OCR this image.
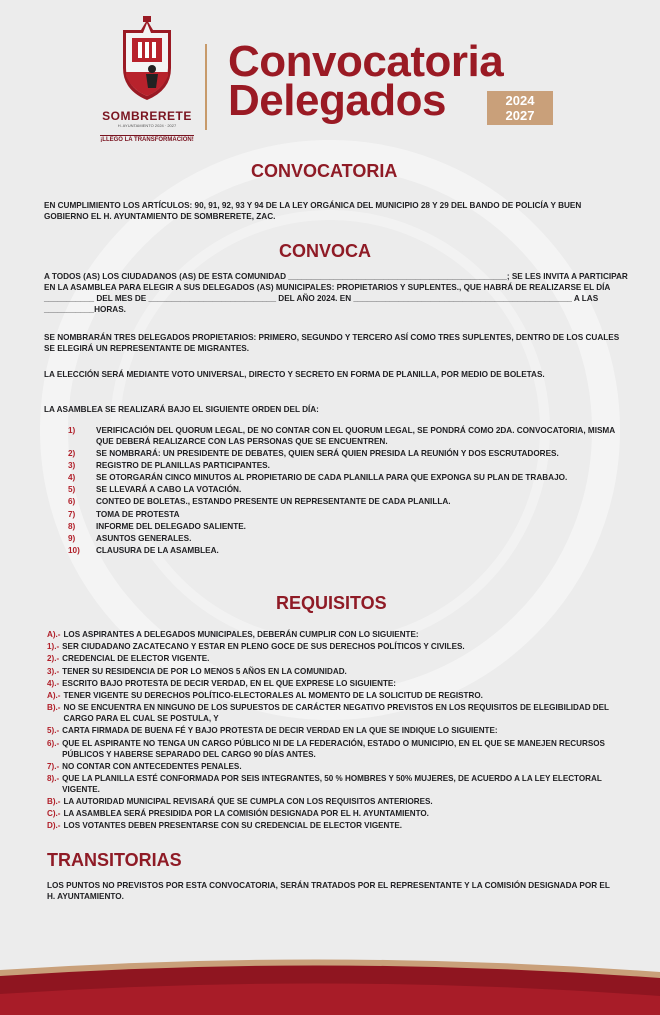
SOMBRERETE
H. AYUNTAMIENTO 2024 · 2027
¡LLEGÓ LA TRANSFORMACIÓN!
Convocatoria
Delegados	2024
2027
CONVOCATORIA

EN CUMPLIMIENTO LOS ARTÍCULOS: 90, 91, 92, 93 Y 94 DE LA LEY ORGÁNICA DEL MUNICIPIO 28 Y 29 DEL BANDO DE POLICÍA Y BUEN GOBIERNO EL H. AYUNTAMIENTO DE SOMBRERETE, ZAC.

CONVOCA

A TODOS (AS) LOS CIUDADANOS (AS) DE ESTA COMUNIDAD ________________________________________________; SE LES INVITA A PARTICIPAR EN LA ASAMBLEA PARA ELEGIR A SUS DELEGADOS (AS) MUNICIPALES: PROPIETARIOS Y SUPLENTES., QUE HABRÁ DE REALIZARSE EL DÍA ___________ DEL MES DE ____________________________ DEL AÑO 2024. EN ________________________________________________ A LAS ___________HORAS.

SE NOMBRARÁN TRES DELEGADOS PROPIETARIOS: PRIMERO, SEGUNDO Y TERCERO ASÍ COMO TRES SUPLENTES, DENTRO DE LOS CUALES SE ELEGIRÁ UN REPRESENTANTE DE MIGRANTES.

LA ELECCIÓN SERÁ MEDIANTE VOTO UNIVERSAL, DIRECTO Y SECRETO EN FORMA DE PLANILLA, POR MEDIO DE BOLETAS.

LA ASAMBLEA SE REALIZARÁ BAJO EL SIGUIENTE ORDEN DEL DÍA:

1)	VERIFICACIÓN DEL QUORUM LEGAL, DE NO CONTAR CON EL QUORUM LEGAL, SE PONDRÁ COMO 2DA. CONVOCATORIA, MISMA QUE DEBERÁ REALIZARCE CON LAS PERSONAS QUE SE ENCUENTREN.
2)	SE NOMBRARÁ: UN PRESIDENTE DE DEBATES, QUIEN SERÁ QUIEN PRESIDA LA REUNIÓN Y DOS ESCRUTADORES.
3)	REGISTRO DE PLANILLAS PARTICIPANTES.
4)	SE OTORGARÁN CINCO MINUTOS AL PROPIETARIO DE CADA PLANILLA PARA QUE EXPONGA SU PLAN DE TRABAJO.
5)	SE LLEVARÁ A CABO LA VOTACIÓN.
6)	CONTEO DE BOLETAS., ESTANDO PRESENTE UN REPRESENTANTE DE CADA PLANILLA.
7)	TOMA DE PROTESTA
8)	INFORME DEL DELEGADO SALIENTE.
9)	ASUNTOS GENERALES.
10)	CLAUSURA DE LA ASAMBLEA.
REQUISITOS
A).- LOS ASPIRANTES A DELEGADOS MUNICIPALES, DEBERÁN CUMPLIR CON LO SIGUIENTE:
1).- SER CIUDADANO ZACATECANO Y ESTAR EN PLENO GOCE DE SUS DERECHOS POLÍTICOS Y CIVILES.
2).- CREDENCIAL DE ELECTOR VIGENTE.
3).- TENER SU RESIDENCIA DE POR LO MENOS 5 AÑOS EN LA COMUNIDAD.
4).- ESCRITO BAJO PROTESTA DE DECIR VERDAD, EN EL QUE EXPRESE LO SIGUIENTE:
A).- TENER VIGENTE SU DERECHOS POLÍTICO-ELECTORALES AL MOMENTO DE LA SOLICITUD DE REGISTRO.
B).- NO SE ENCUENTRA EN NINGUNO DE LOS SUPUESTOS DE CARÁCTER NEGATIVO PREVISTOS EN LOS REQUISITOS DE ELEGIBILIDAD DEL CARGO PARA EL CUAL SE POSTULA, Y
5).- CARTA FIRMADA DE BUENA FÉ Y BAJO PROTESTA DE DECIR VERDAD EN LA QUE SE INDIQUE LO SIGUIENTE:
6).- QUE EL ASPIRANTE NO TENGA UN CARGO PÚBLICO NI DE LA FEDERACIÓN, ESTADO O MUNICIPIO, EN EL QUE SE MANEJEN RECURSOS PÚBLICOS Y HABERSE SEPARADO DEL CARGO 90 DÍAS ANTES.
7).- NO CONTAR CON ANTECEDENTES PENALES.
8).- QUE LA PLANILLA ESTÉ CONFORMADA POR SEIS INTEGRANTES, 50 % HOMBRES Y 50% MUJERES, DE ACUERDO A LA LEY ELECTORAL VIGENTE.
B).- LA AUTORIDAD MUNICIPAL REVISARÁ QUE SE CUMPLA CON LOS REQUISITOS ANTERIORES.
C).- LA ASAMBLEA SERÁ PRESIDIDA POR LA COMISIÓN DESIGNADA POR EL H. AYUNTAMIENTO.
D).- LOS VOTANTES DEBEN PRESENTARSE CON SU CREDENCIAL DE ELECTOR VIGENTE.
TRANSITORIAS

LOS PUNTOS NO PREVISTOS POR ESTA CONVOCATORIA, SERÁN TRATADOS POR EL REPRESENTANTE Y LA COMISIÓN DESIGNADA POR EL H. AYUNTAMIENTO.
